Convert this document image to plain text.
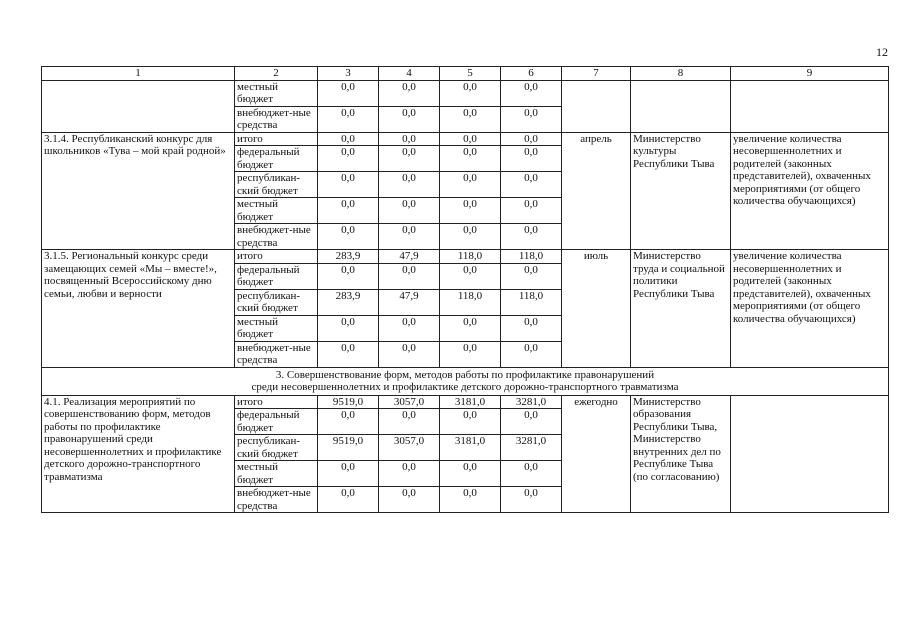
12
1	2	3	4	5	6	7	8	9
	местный бюджет	0,0	0,0	0,0	0,0			
	внебюджет-ные средства	0,0	0,0	0,0	0,0			
3.1.4. Республиканский конкурс для школьников «Тува – мой край родной»	итого	0,0	0,0	0,0	0,0	апрель	Министерство культуры Республики Тыва	увеличение количества несовершеннолетних и родителей (законных представителей), охваченных мероприятиями (от общего количества обучающихся)
	федеральный бюджет	0,0	0,0	0,0	0,0			
	республикан-ский бюджет	0,0	0,0	0,0	0,0			
	местный бюджет	0,0	0,0	0,0	0,0			
	внебюджет-ные средства	0,0	0,0	0,0	0,0			
3.1.5. Региональный конкурс среди замещающих семей «Мы – вместе!», посвященный Всероссийскому дню семьи, любви и верности	итого	283,9	47,9	118,0	118,0	июль	Министерство труда и социальной политики Республики Тыва	увеличение количества несовершеннолетних и родителей (законных представителей), охваченных мероприятиями (от общего количества обучающихся)
	федеральный бюджет	0,0	0,0	0,0	0,0			
	республикан-ский бюджет	283,9	47,9	118,0	118,0			
	местный бюджет	0,0	0,0	0,0	0,0			
	внебюджет-ные средства	0,0	0,0	0,0	0,0			

3. Совершенствование форм, методов работы по профилактике правонарушений
среди несовершеннолетних и профилактике детского дорожно-транспортного травматизма								

4.1. Реализация мероприятий по совершенствованию форм, методов работы по профилактике правонарушений среди несовершеннолетних и профилактике детского дорожно-транспортного травматизма	итого	9519,0	3057,0	3181,0	3281,0	ежегодно	Министерство образования Республики Тыва, Министерство внутренних дел по Республике Тыва (по согласованию)	
	федеральный бюджет	0,0	0,0	0,0	0,0			
	республикан-ский бюджет	9519,0	3057,0	3181,0	3281,0			
	местный бюджет	0,0	0,0	0,0	0,0			
	внебюджет-ные средства	0,0	0,0	0,0	0,0			
